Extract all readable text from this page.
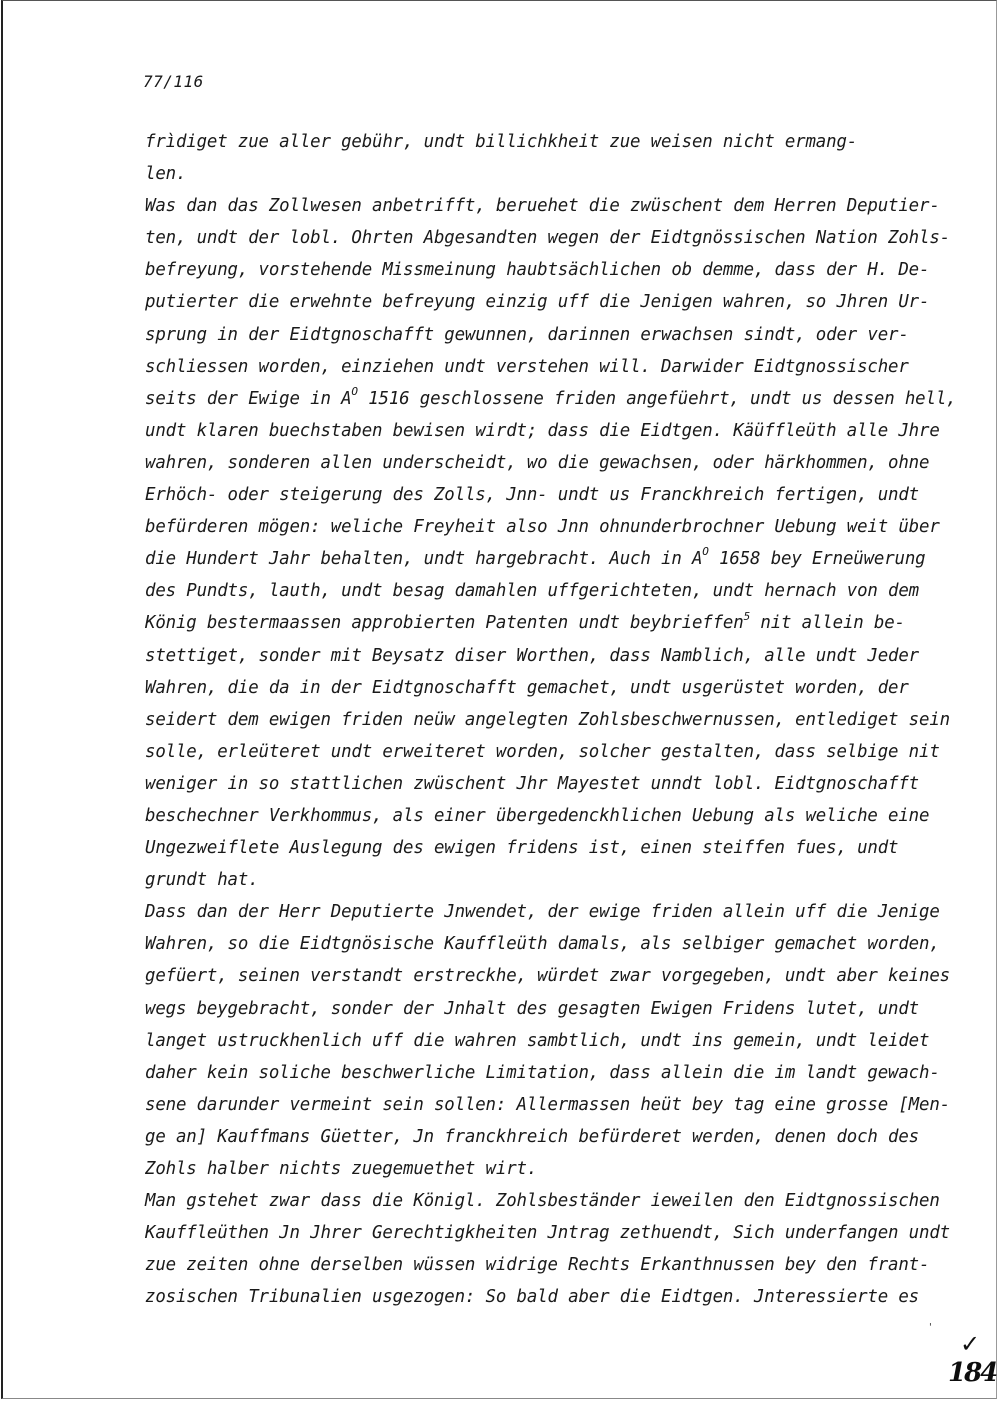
77/116
frìdiget zue aller gebühr, undt billichkheit zue weisen nicht ermang-
len.
Was dan das Zollwesen anbetrifft, beruehet die zwüschent dem Herren Deputier-
ten, undt der lobl. Ohrten Abgesandten wegen der Eidtgnössischen Nation Zohls-
befreyung, vorstehende Missmeinung haubtsächlichen ob demme, dass der H. De-
putierter die erwehnte befreyung einzig uff die Jenigen wahren, so Jhren Ur-
sprung in der Eidtgnoschafft gewunnen, darinnen erwachsen sindt, oder ver-
schliessen worden, einziehen undt verstehen will. Darwider Eidtgnossischer
seits der Ewige in $A^O$ 1516 geschlossene friden angefüehrt, undt us dessen hell,
undt klaren buechstaben bewisen wirdt; dass die Eidtgen. Käüffleüth alle Jhre
wahren, sonderen allen underscheidt, wo die gewachsen, oder härkhommen, ohne
Erhöch- oder steigerung des Zolls, Jnn- undt us Franckhreich fertigen, undt
befürderen mögen: weliche Freyheit also Jnn ohnunderbrochner Uebung weit über
die Hundert Jahr behalten, undt hargebracht. Auch in $A^O$ 1658 bey Erneüwerung
des Pundts, lauth, undt besag damahlen uffgerichteten, undt hernach von dem
König bestermaassen approbierten Patenten undt beybrieffen$^5$ nit allein be-
stettiget, sonder mit Beysatz diser Worthen, dass Namblich, alle undt Jeder
Wahren, die da in der Eidtgnoschafft gemachet, undt usgerüstet worden, der
seidert dem ewigen friden neüw angelegten Zohlsbeschwernussen, entlediget sein
solle, erleüteret undt erweiteret worden, solcher gestalten, dass selbige nit
weniger in so stattlichen zwüschent Jhr Mayestet unndt lobl. Eidtgnoschafft
beschechner Verkhommus, als einer übergedenckhlichen Uebung als weliche eine
Ungezweiflete Auslegung des ewigen fridens ist, einen steiffen fues, undt
grundt hat.
Dass dan der Herr Deputierte Jnwendet, der ewige friden allein uff die Jenige
Wahren, so die Eidtgnösische Kauffleüth damals, als selbiger gemachet worden,
gefüert, seinen verstandt erstreckhe, würdet zwar vorgegeben, undt aber keines
wegs beygebracht, sonder der Jnhalt des gesagten Ewigen Fridens lutet, undt
langet ustruckhenlich uff die wahren sambtlich, undt ins gemein, undt leidet
daher kein soliche beschwerliche Limitation, dass allein die im landt gewach-
sene darunder vermeint sein sollen: Allermassen heüt bey tag eine grosse [Men-
ge an] Kauffmans Güetter, Jn franckhreich befürderet werden, denen doch des
Zohls halber nichts zuegemuethet wirt.
Man gstehet zwar dass die Königl. Zohlsbeständer ieweilen den Eidtgnossischen
Kauffleüthen Jn Jhrer Gerechtigkheiten Jntrag zethuendt, Sich underfangen undt
zue zeiten ohne derselben wüssen widrige Rechts Erkanthnussen bey den frant-
zosischen Tribunalien usgezogen: So bald aber die Eidtgen. Jnteressierte es
'
✓
184
